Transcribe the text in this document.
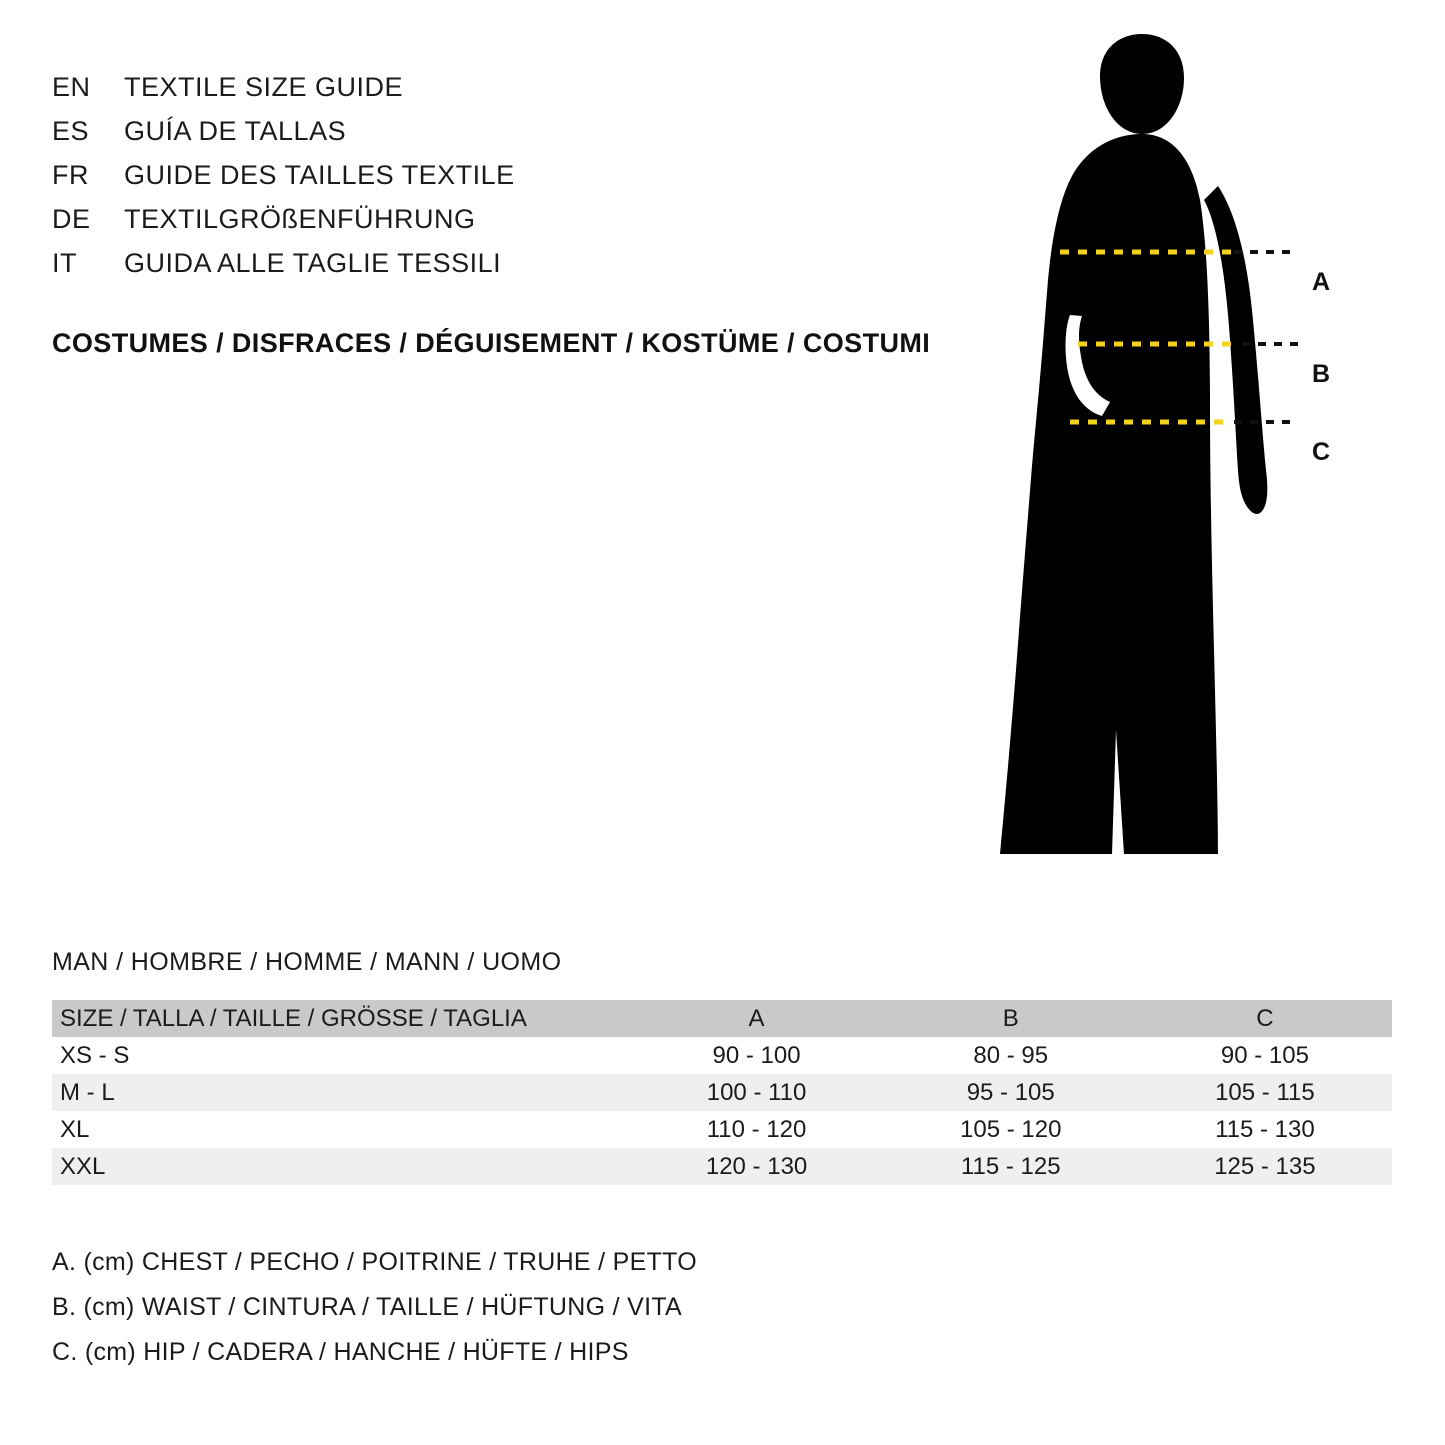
EN	TEXTILE SIZE GUIDE
ES	GUÍA DE TALLAS
FR	GUIDE DES TAILLES TEXTILE
DE	TEXTILGRÖßENFÜHRUNG
IT	GUIDA ALLE TAGLIE TESSILI
COSTUMES / DISFRACES / DÉGUISEMENT / KOSTÜME / COSTUMI
A
B
C
MAN / HOMBRE / HOMME / MANN / UOMO
SIZE / TALLA / TAILLE / GRÖSSE / TAGLIA	A	B	C
XS - S	90 - 100	80 - 95	90 - 105
M - L	100 - 110	95 - 105	105 - 115
XL	110 - 120	105 - 120	115 - 130
XXL	120 - 130	115 - 125	125 - 135
A. (cm) CHEST / PECHO / POITRINE / TRUHE / PETTO
B. (cm) WAIST / CINTURA / TAILLE / HÜFTUNG / VITA
C. (cm) HIP / CADERA / HANCHE / HÜFTE / HIPS
